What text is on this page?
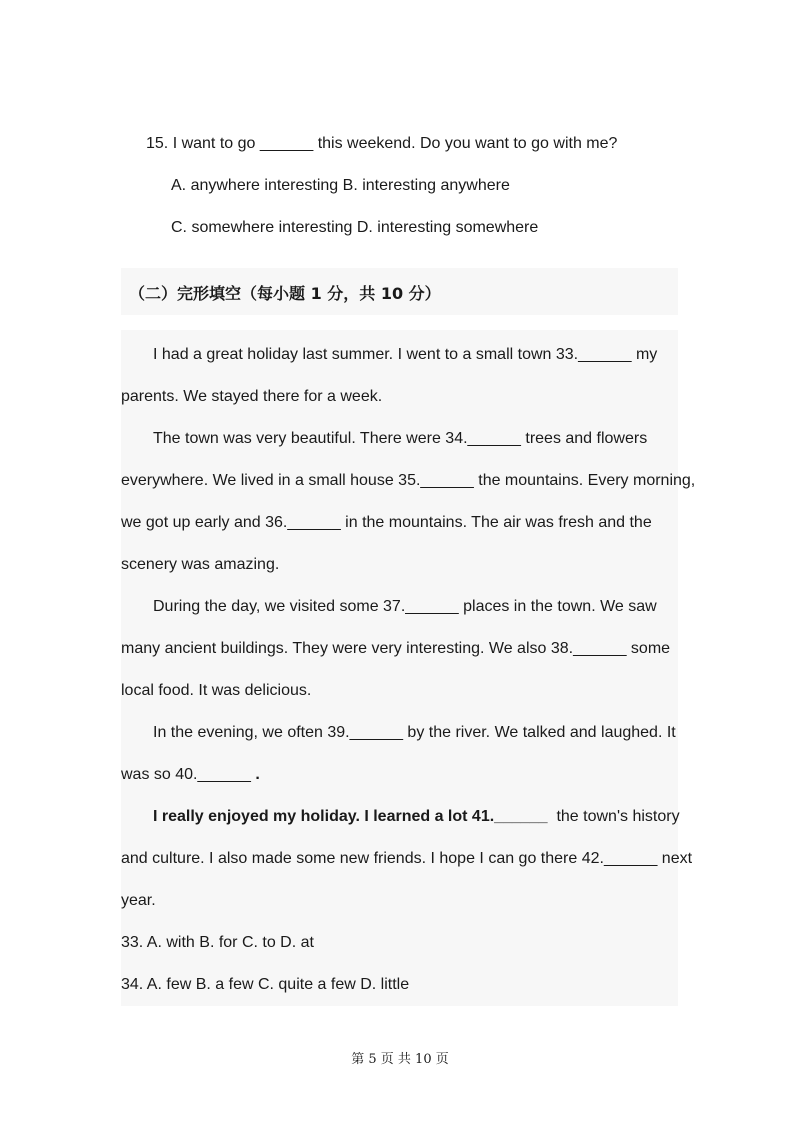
15. I want to go ______ this weekend. Do you want to go with me?
A. anywhere interesting B. interesting anywhere
C. somewhere interesting D. interesting somewhere
（二）完形填空（每小题 1 分，共 10 分）
I had a great holiday last summer. I went to a small town 33.______ my
parents. We stayed there for a week.
The town was very beautiful. There were 34.______ trees and flowers
everywhere. We lived in a small house 35.______ the mountains. Every morning,
we got up early and 36.______ in the mountains. The air was fresh and the
scenery was amazing.
During the day, we visited some 37.______ places in the town. We saw
many ancient buildings. They were very interesting. We also 38.______ some
local food. It was delicious.
In the evening, we often 39.______ by the river. We talked and laughed. It
was so 40.______ .
I really enjoyed my holiday. I learned a lot 41.______  the town's history
and culture. I also made some new friends. I hope I can go there 42.______ next
year.
33. A. with B. for C. to D. at
34. A. few B. a few C. quite a few D. little
第 5 页 共 10 页
